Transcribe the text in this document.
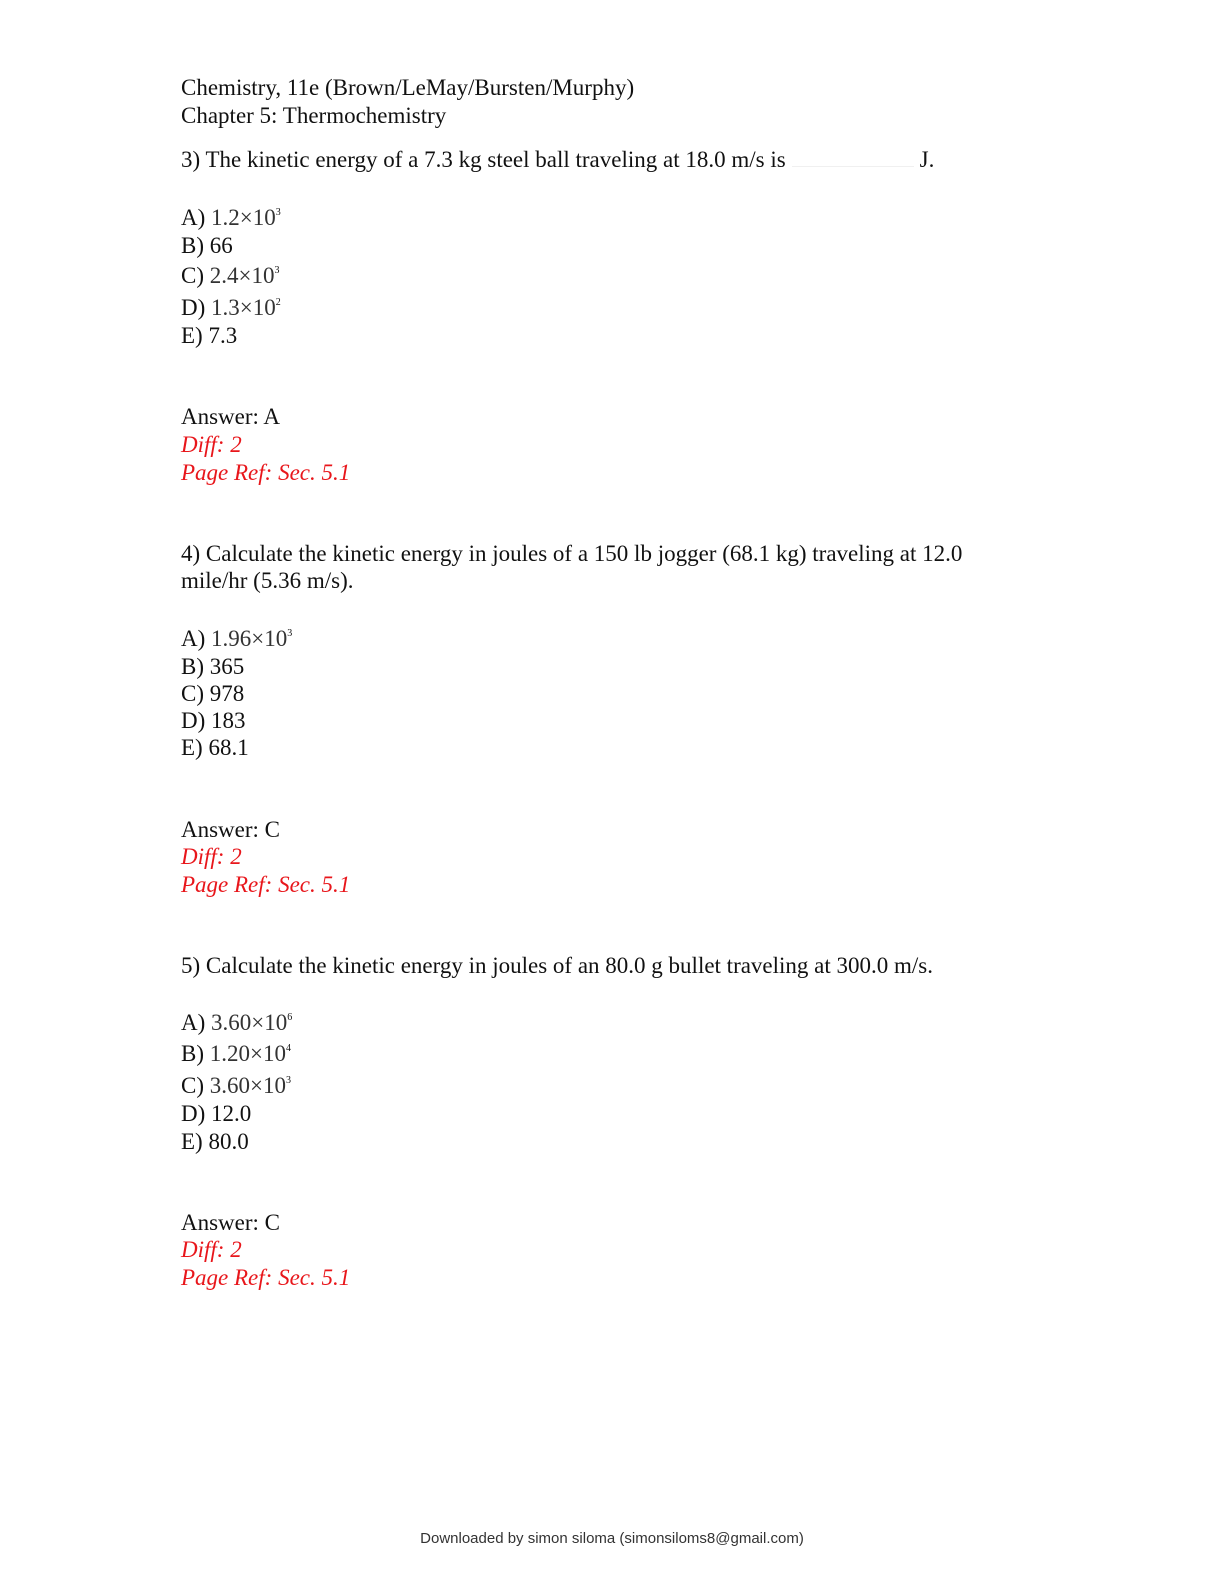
Chemistry, 11e (Brown/LeMay/Bursten/Murphy)
Chapter 5: Thermochemistry
3) The kinetic energy of a 7.3 kg steel ball traveling at 18.0 m/s is	J.
A) $1.2\times 10^3$
B) 66
C) $2.4\times 10^3$
D) $1.3\times 10^2$
E) 7.3
Answer: A
Diff: 2
Page Ref: Sec. 5.1
4) Calculate the kinetic energy in joules of a 150 lb jogger (68.1 kg) traveling at 12.0
mile/hr (5.36 m/s).
A) $1.96\times 10^3$
B) 365
C) 978
D) 183
E) 68.1
Answer: C
Diff: 2
Page Ref: Sec. 5.1
5) Calculate the kinetic energy in joules of an 80.0 g bullet traveling at 300.0 m/s.
A) $3.60\times 10^6$
B) $1.20\times 10^4$
C) $3.60\times 10^3$
D) 12.0
E) 80.0
Answer: C
Diff: 2
Page Ref: Sec. 5.1
Downloaded by simon siloma (simonsiloms8@gmail.com)
